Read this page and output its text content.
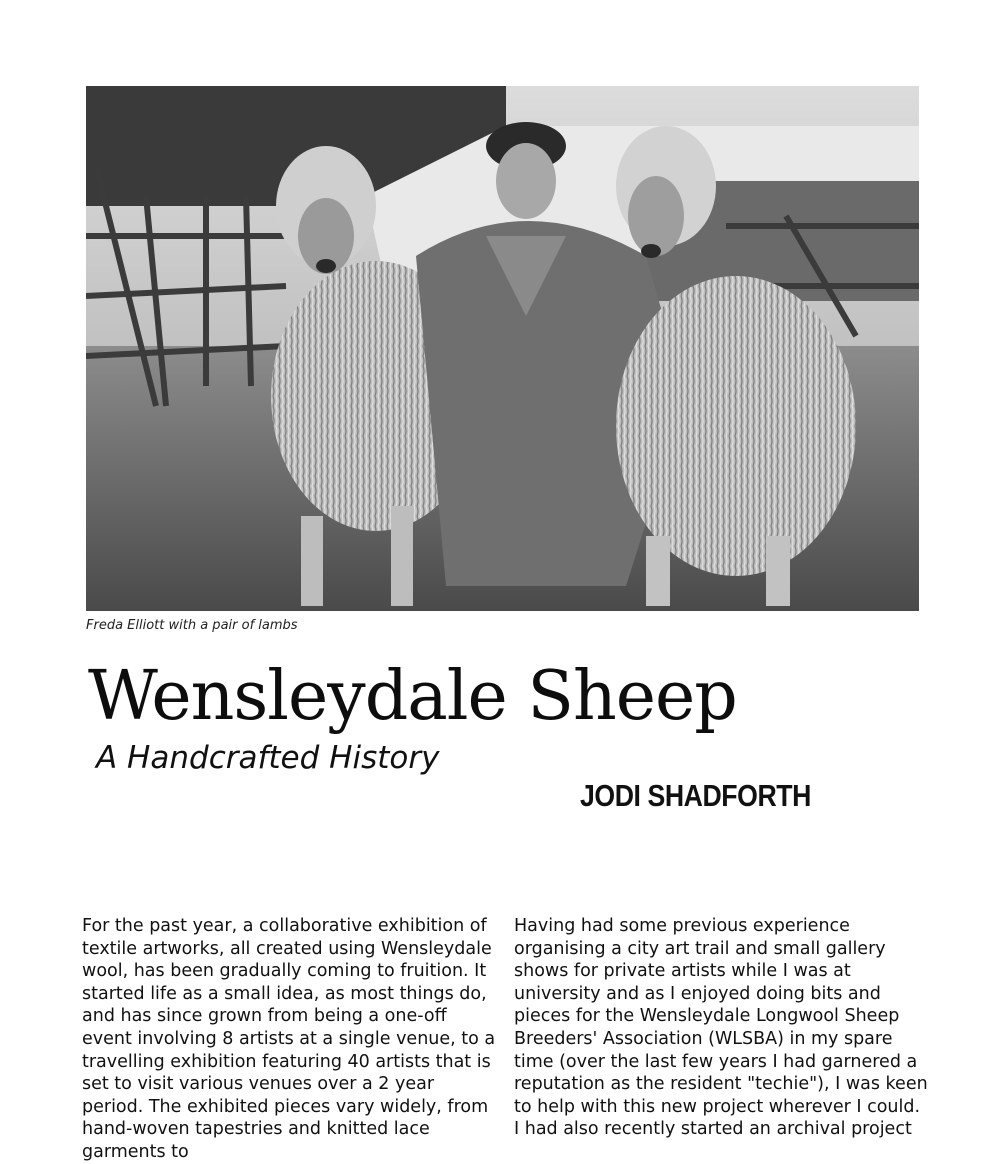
Freda Elliott with a pair of lambs
Wensleydale Sheep
A Handcrafted History
JODI SHADFORTH

For the past year, a collaborative exhibition of textile artworks, all created using Wensleydale wool, has been gradually coming to fruition. It started life as a small idea, as most things do, and has since grown from being a one-off event involving 8 artists at a single venue, to a travelling exhibition featuring 40 artists that is set to visit various venues over a 2 year period. The exhibited pieces vary widely, from hand-woven tapestries and knitted lace garments to

Having had some previous experience organising a city art trail and small gallery shows for private artists while I was at university and as I enjoyed doing bits and pieces for the Wensleydale Longwool Sheep Breeders' Association (WLSBA) in my spare time (over the last few years I had garnered a reputation as the resident "techie"), I was keen to help with this new project wherever I could. I had also recently started an archival project
